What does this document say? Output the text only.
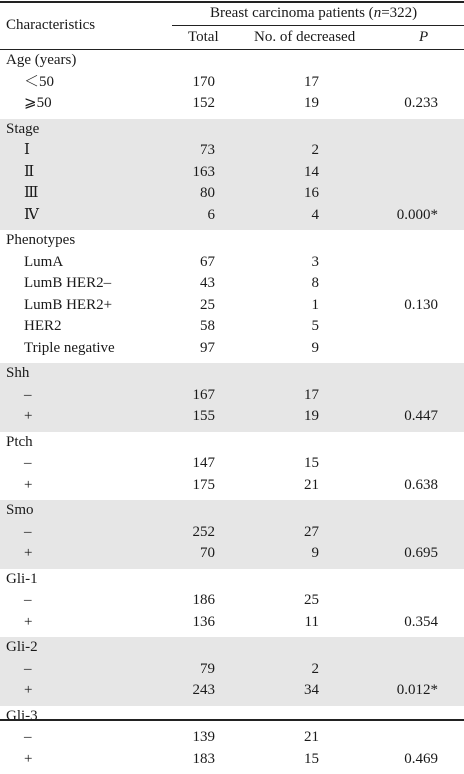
Characteristics
Breast carcinoma patients (n=322)
Total No. of decreased	P
Age (years)
＜50	170	17
⩾50	152	19	0.233
Stage
Ⅰ	73	2
Ⅱ	163	14
Ⅲ	80	16
Ⅳ	6	4	0.000*
Phenotypes
LumA	67	3
LumB HER2–	43	8
LumB HER2+	25	1	0.130
HER2	58	5
Triple negative	97	9
Shh
–	167	17
+	155	19	0.447
Ptch
–	147	15
+	175	21	0.638
Smo
–	252	27
+	70	9	0.695
Gli-1
–	186	25
+	136	11	0.354
Gli-2
–	79	2
+	243	34	0.012*
Gli-3
–	139	21
+	183	15	0.469
